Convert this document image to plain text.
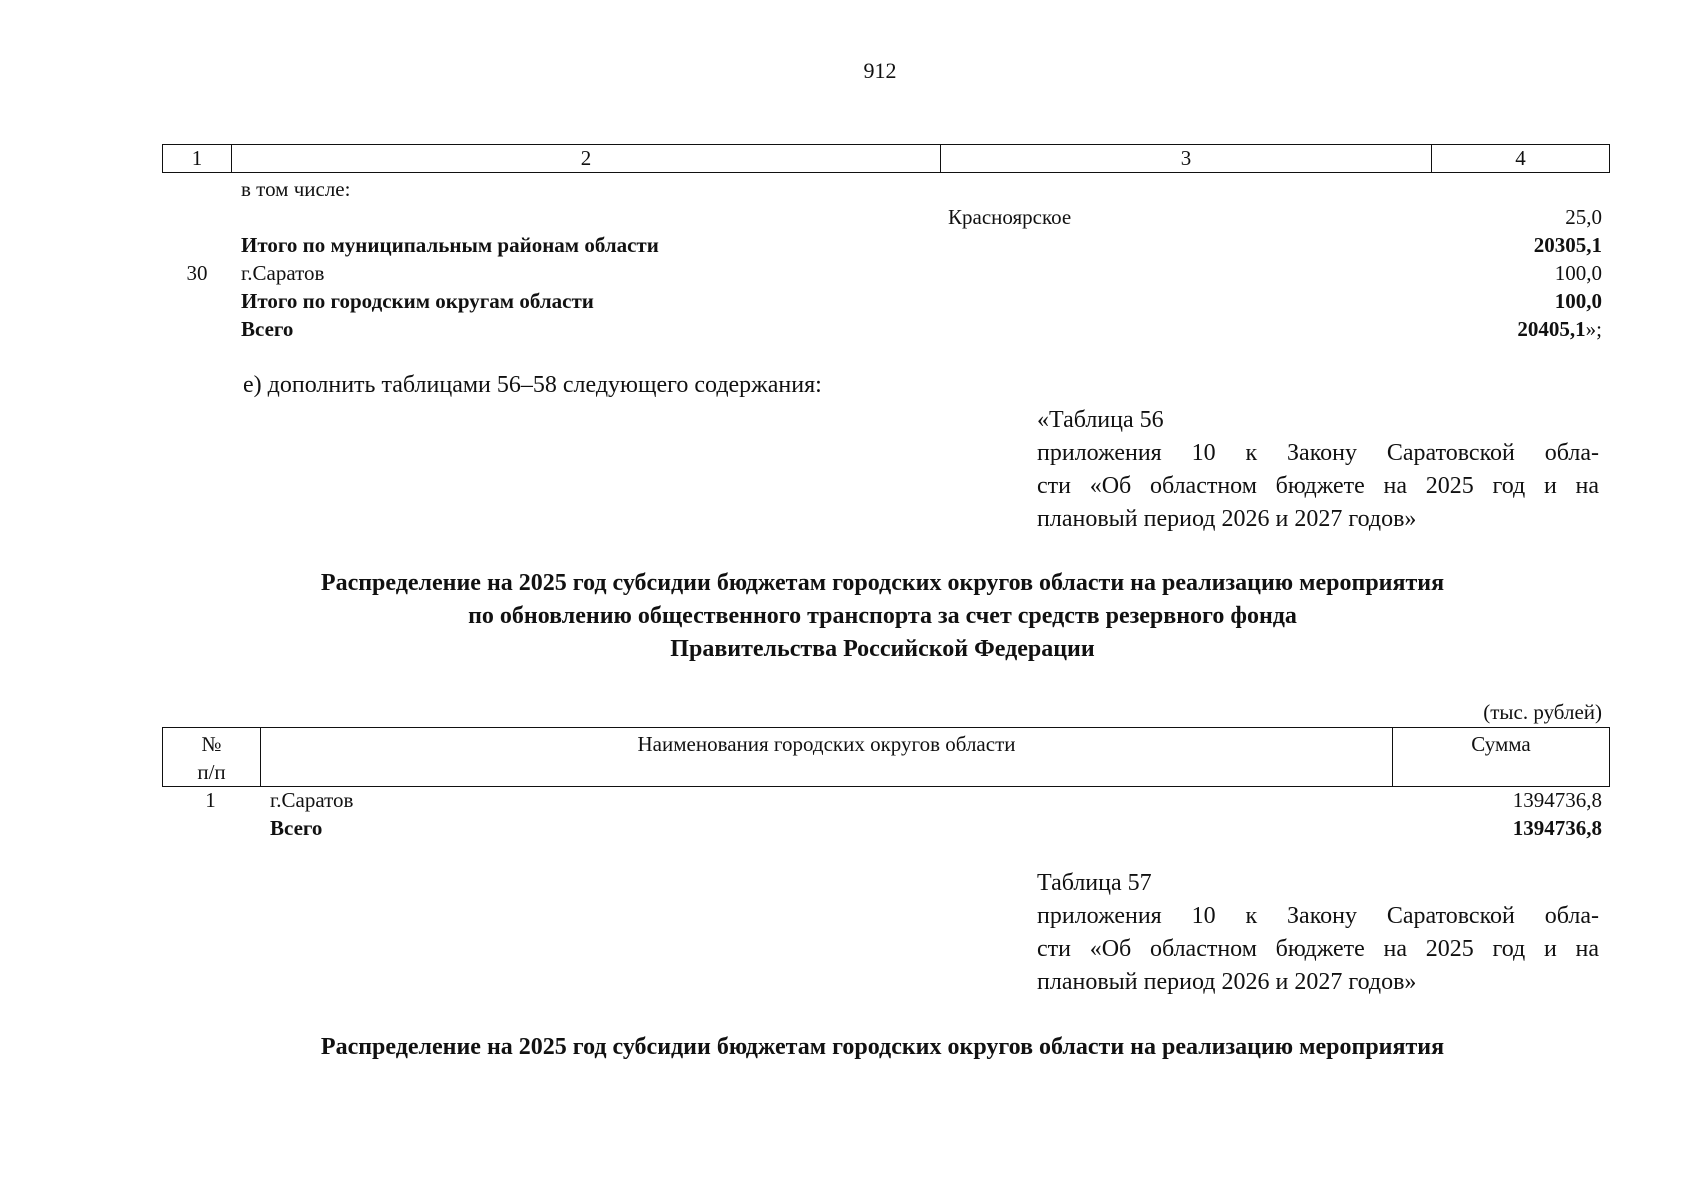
912
1	2	3	4
в том числе:
Красноярское	25,0
Итого по муниципальным районам области	20305,1
30 г.Саратов	100,0
Итого по городским округам области	100,0
Всего	20405,1»;
е) дополнить таблицами 56–58 следующего содержания:
«Таблица 56
приложения 10 к Закону Саратовской обла-
сти «Об областном бюджете на 2025 год и на
плановый период 2026 и 2027 годов»
Распределение на 2025 год субсидии бюджетам городских округов области на реализацию мероприятия
по обновлению общественного транспорта за счет средств резервного фонда
Правительства Российской Федерации
(тыс. рублей)
№
п/п	Наименования городских округов области	Сумма
1	г.Саратов	1394736,8
Всего	1394736,8
Таблица 57
приложения 10 к Закону Саратовской обла-
сти «Об областном бюджете на 2025 год и на
плановый период 2026 и 2027 годов»
Распределение на 2025 год субсидии бюджетам городских округов области на реализацию мероприятия
